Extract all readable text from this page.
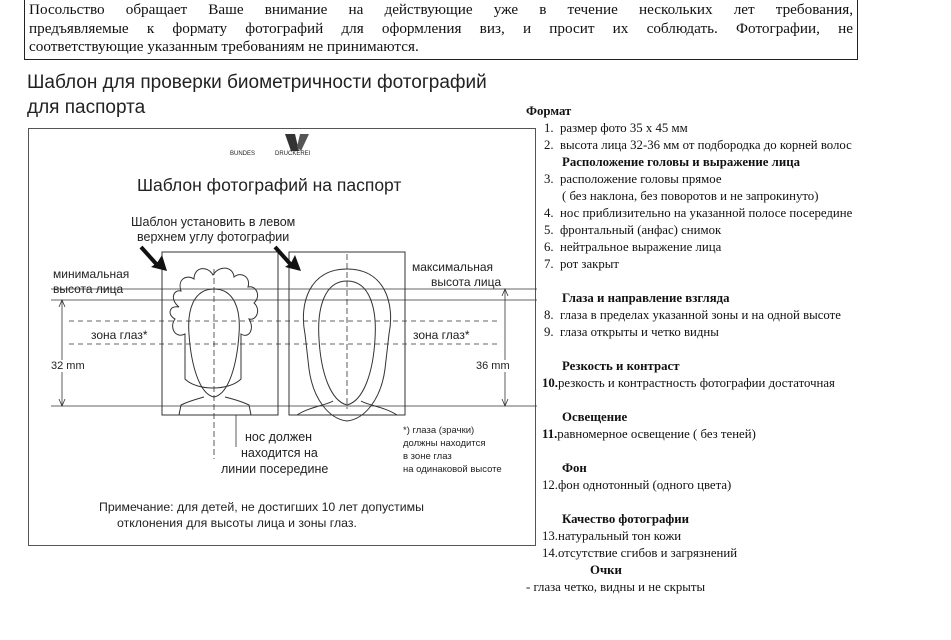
Посольство обращает Ваше внимание на действующие уже в течение нескольких лет требования,
предъявляемые к формату фотографий для оформления виз, и просит их соблюдать. Фотографии, не
соответствующие указанным требованиям не принимаются.
Шаблон для проверки биометричности фотографий
для паспорта
BUNDES	DRUCKEREI
Шаблон фотографий на паспорт
Шаблон установить в левом
верхнем углу фотографии
минимальная
высота лица
максимальная
высота лица
зона глаз*	зона глаз*
32 mm	36 mm
нос должен
находится на
линии посередине
*) глаза (зрачки)
должны находится
в зоне глаз
на одинаковой высоте
Примечание: для детей, не достигших 10 лет допустимы
отклонения для высоты лица и зоны глаз.
Формат
1. размер фото 35 х 45 мм
2. высота лица 32-36 мм от подбородка до корней волос
Расположение головы и выражение лица
3. расположение головы прямое
( без наклона, без поворотов и не запрокинуто)
4. нос приблизительно на указанной полосе посередине
5. фронтальный (анфас) снимок
6. нейтральное выражение лица
7. рот закрыт
Глаза и направление взгляда
8. глаза в пределах указанной зоны и на одной высоте
9. глаза открыты и четко видны
Резкость и контраст
10.резкость и контрастность фотографии достаточная
Освещение
11.равномерное освещение ( без теней)
Фон
12.фон однотонный (одного цвета)
Качество фотографии
13.натуральный тон кожи
14.отсутствие сгибов и загрязнений
Очки
- глаза четко, видны и не скрыты
